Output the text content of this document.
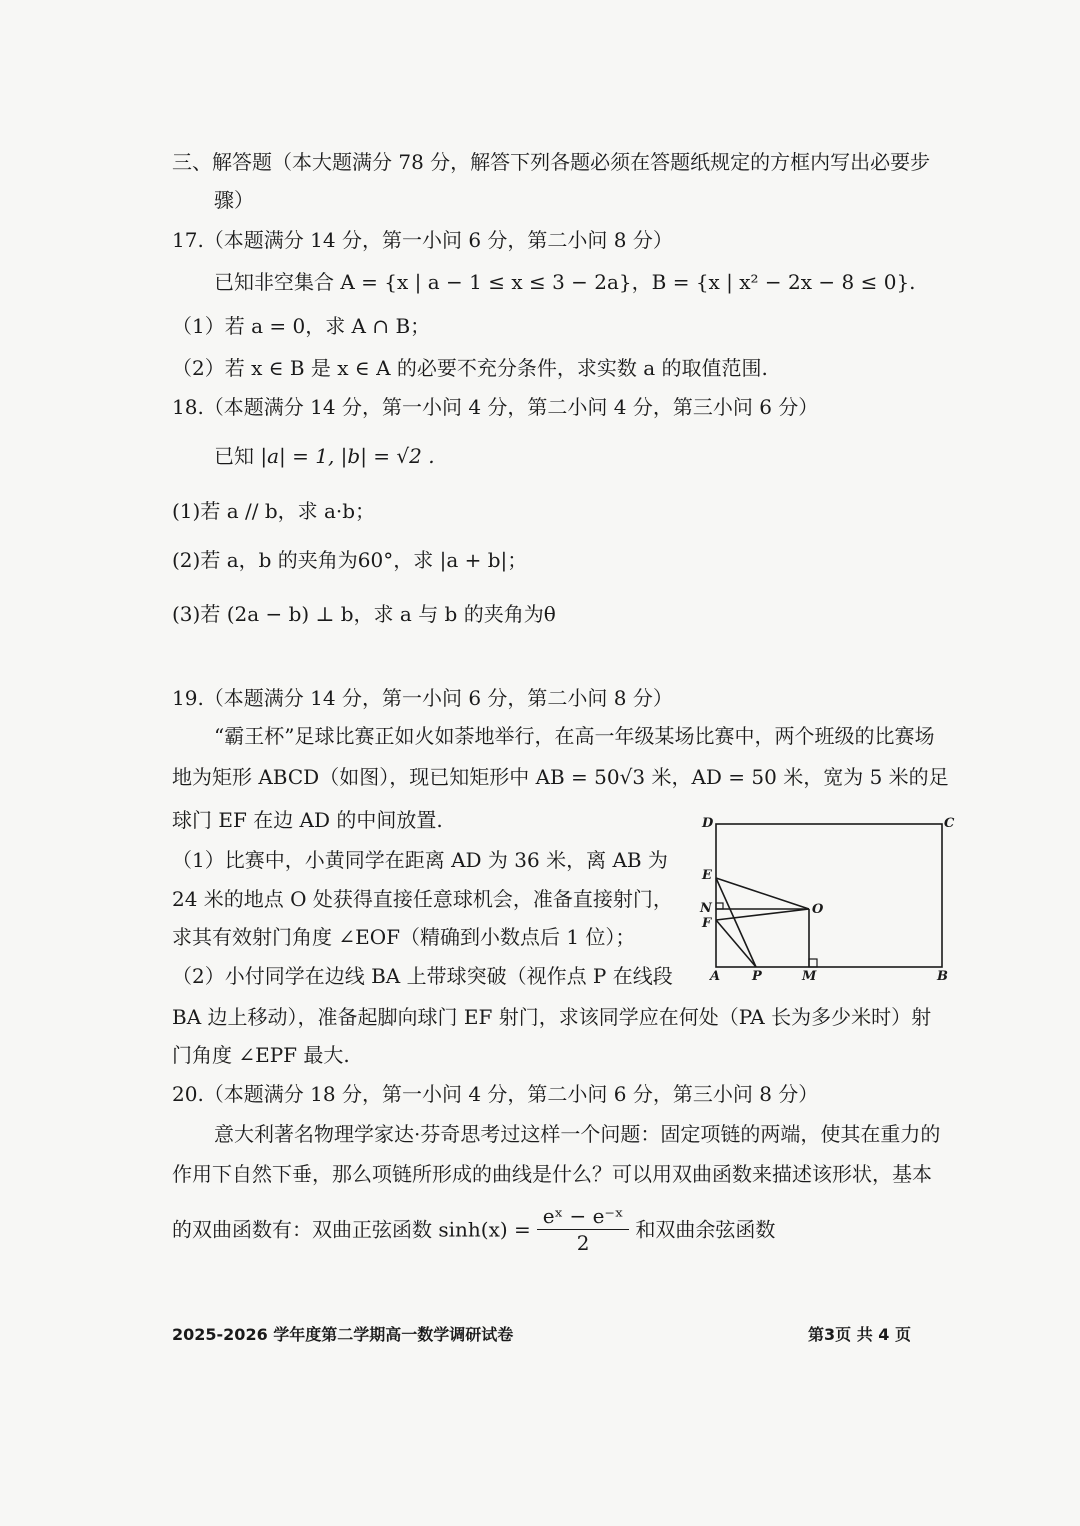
三、解答题（本大题满分 78 分，解答下列各题必须在答题纸规定的方框内写出必要步
骤）
17.（本题满分 14 分，第一小问 6 分，第二小问 8 分）
已知非空集合 A = {x | a − 1 ≤ x ≤ 3 − 2a}，B = {x | x² − 2x − 8 ≤ 0}.
（1）若 a = 0，求 A ∩ B；
（2）若 x ∈ B 是 x ∈ A 的必要不充分条件，求实数 a 的取值范围.
18.（本题满分 14 分，第一小问 4 分，第二小问 4 分，第三小问 6 分）
已知 |a| = 1, |b| = √2 .
(1)若 a // b，求 a·b；
(2)若 a，b 的夹角为60°，求 |a + b|；
(3)若 (2a − b) ⊥ b，求 a 与 b 的夹角为θ
19.（本题满分 14 分，第一小问 6 分，第二小问 8 分）
“霸王杯”足球比赛正如火如荼地举行，在高一年级某场比赛中，两个班级的比赛场
地为矩形 ABCD（如图），现已知矩形中 AB = 50√3 米，AD = 50 米，宽为 5 米的足
球门 EF 在边 AD 的中间放置.
（1）比赛中，小黄同学在距离 AD 为 36 米，离 AB 为
24 米的地点 O 处获得直接任意球机会，准备直接射门，
求其有效射门角度 ∠EOF（精确到小数点后 1 位）；
（2）小付同学在边线 BA 上带球突破（视作点 P 在线段
BA 边上移动），准备起脚向球门 EF 射门，求该同学应在何处（PA 长为多少米时）射
门角度 ∠EPF 最大.
D	C
E
N	O
F
A P	M	B
20.（本题满分 18 分，第一小问 4 分，第二小问 6 分，第三小问 8 分）
意大利著名物理学家达·芬奇思考过这样一个问题：固定项链的两端，使其在重力的
作用下自然下垂，那么项链所形成的曲线是什么？可以用双曲函数来描述该形状，基本
的双曲函数有：双曲正弦函数 $\sinh(x) = \frac{\text{eˣ − e⁻ˣ}}{2}$ 和双曲余弦函数
2025-2026 学年度第二学期高一数学调研试卷	第3页 共 4 页
